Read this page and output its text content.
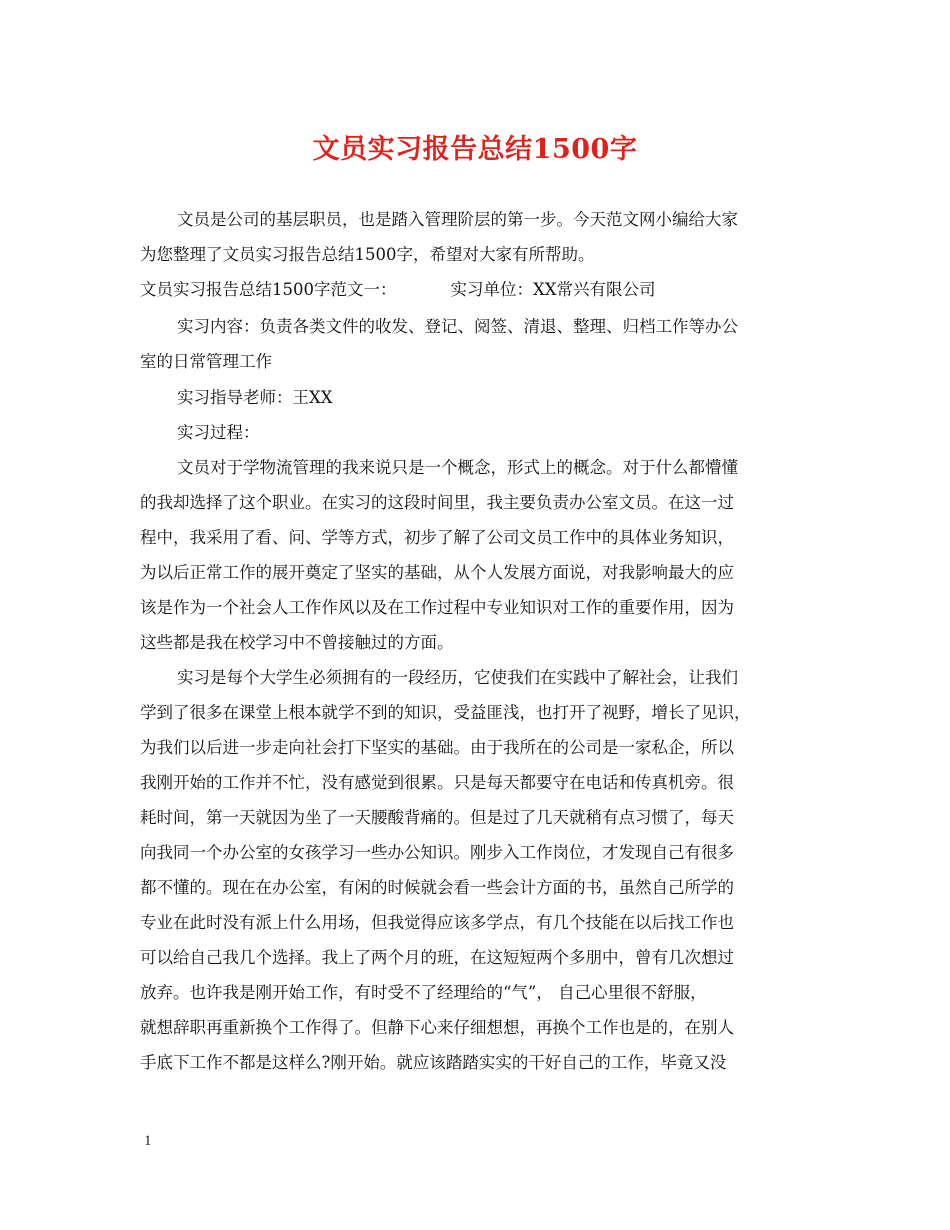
文员实习报告总结1500字
文员是公司的基层职员，也是踏入管理阶层的第一步。今天范文网小编给大家
为您整理了文员实习报告总结1500字，希望对大家有所帮助。
文员实习报告总结1500字范文一：	实习单位：XX常兴有限公司
实习内容：负责各类文件的收发、登记、阅签、清退、整理、归档工作等办公
室的日常管理工作
实习指导老师：王XX
实习过程：
文员对于学物流管理的我来说只是一个概念，形式上的概念。对于什么都懵懂
的我却选择了这个职业。在实习的这段时间里，我主要负责办公室文员。在这一过
程中，我采用了看、问、学等方式，初步了解了公司文员工作中的具体业务知识，
为以后正常工作的展开奠定了坚实的基础，从个人发展方面说，对我影响最大的应
该是作为一个社会人工作作风以及在工作过程中专业知识对工作的重要作用，因为
这些都是我在校学习中不曾接触过的方面。
实习是每个大学生必须拥有的一段经历，它使我们在实践中了解社会，让我们
学到了很多在课堂上根本就学不到的知识，受益匪浅，也打开了视野，增长了见识，
为我们以后进一步走向社会打下坚实的基础。由于我所在的公司是一家私企，所以
我刚开始的工作并不忙，没有感觉到很累。只是每天都要守在电话和传真机旁。很
耗时间，第一天就因为坐了一天腰酸背痛的。但是过了几天就稍有点习惯了，每天
向我同一个办公室的女孩学习一些办公知识。刚步入工作岗位，才发现自己有很多
都不懂的。现在在办公室，有闲的时候就会看一些会计方面的书，虽然自己所学的
专业在此时没有派上什么用场，但我觉得应该多学点，有几个技能在以后找工作也
可以给自己我几个选择。我上了两个月的班，在这短短两个多朋中，曾有几次想过
放弃。也许我是刚开始工作，有时受不了经理给的“气”， 自己心里很不舒服，
就想辞职再重新换个工作得了。但静下心来仔细想想，再换个工作也是的，在别人
手底下工作不都是这样么?刚开始。就应该踏踏实实的干好自己的工作，毕竟又没
1
